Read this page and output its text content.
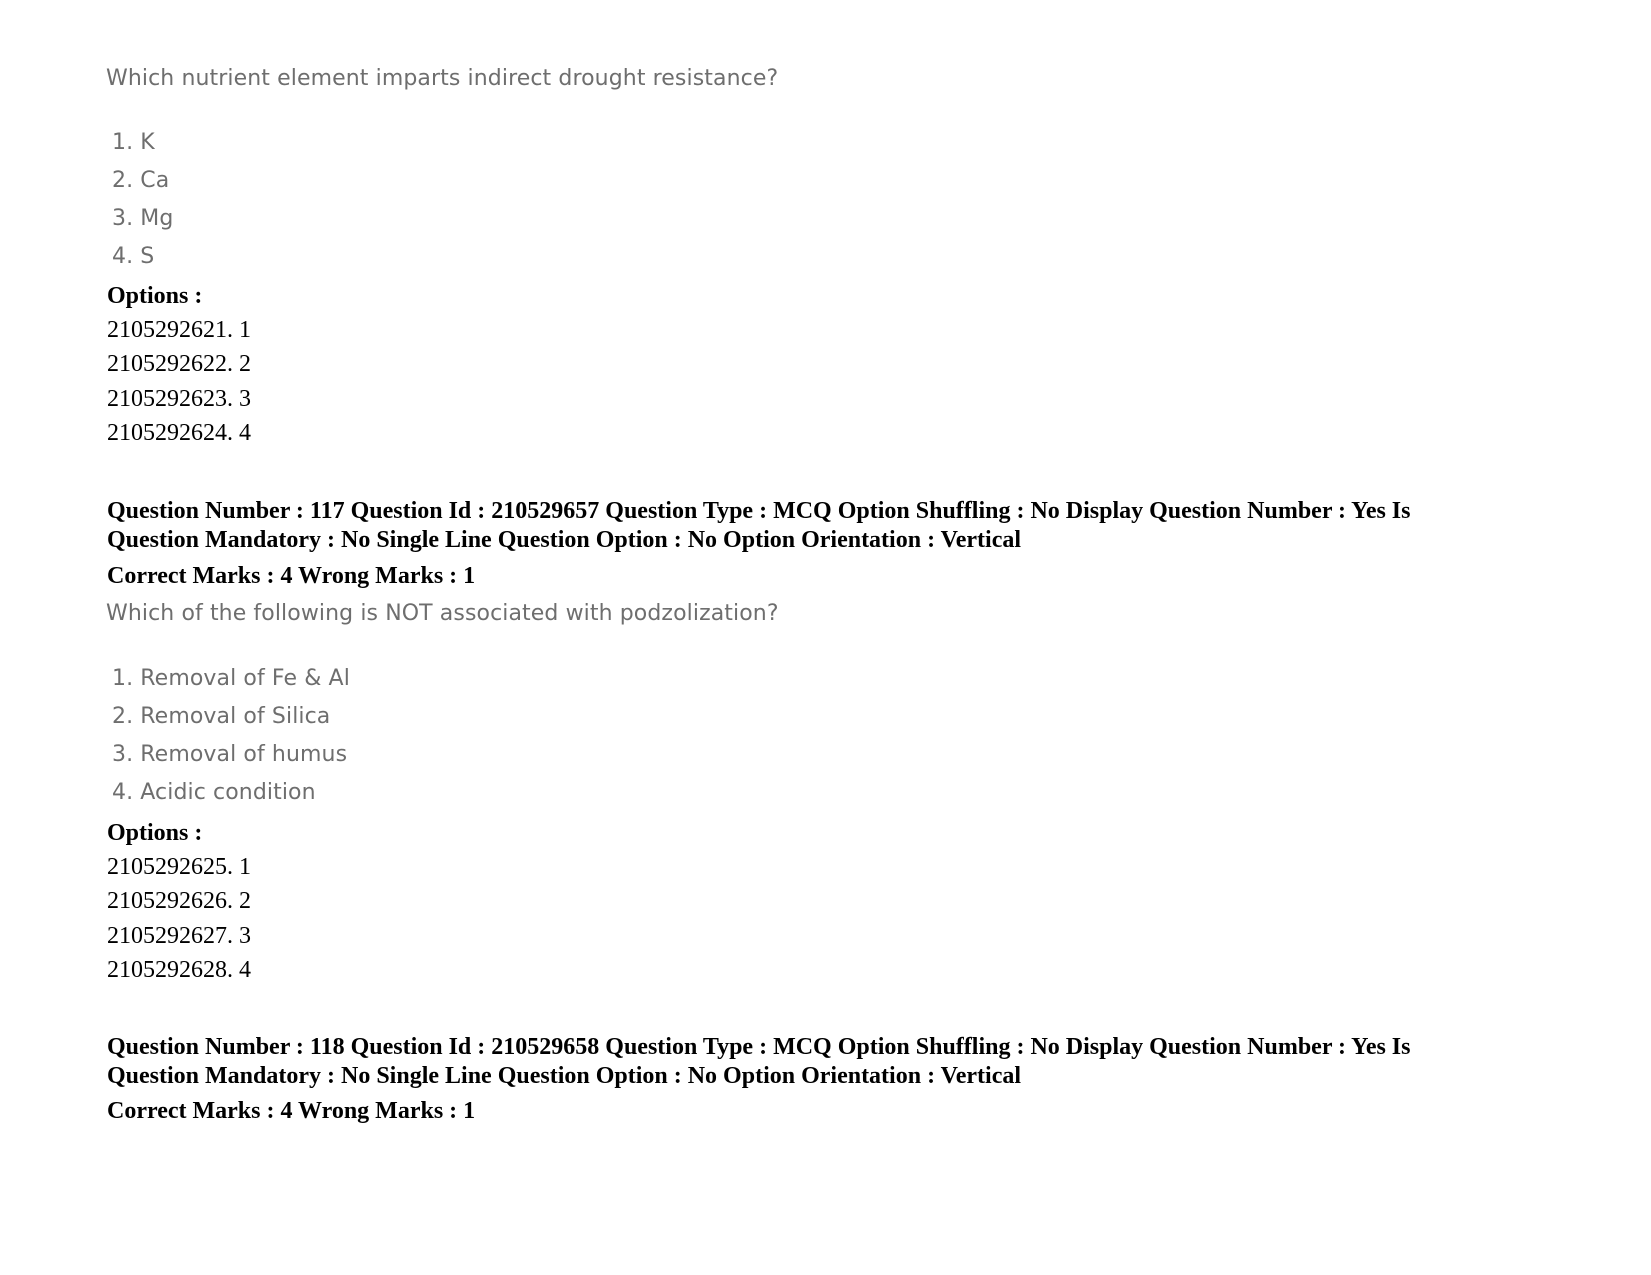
Which nutrient element imparts indirect drought resistance?
1. K
2. Ca
3. Mg
4. S
Options :
2105292621. 1
2105292622. 2
2105292623. 3
2105292624. 4
Question Number : 117 Question Id : 210529657 Question Type : MCQ Option Shuffling : No Display Question Number : Yes Is
Question Mandatory : No Single Line Question Option : No Option Orientation : Vertical
Correct Marks : 4 Wrong Marks : 1
Which of the following is NOT associated with podzolization?
1. Removal of Fe & Al
2. Removal of Silica
3. Removal of humus
4. Acidic condition
Options :
2105292625. 1
2105292626. 2
2105292627. 3
2105292628. 4
Question Number : 118 Question Id : 210529658 Question Type : MCQ Option Shuffling : No Display Question Number : Yes Is
Question Mandatory : No Single Line Question Option : No Option Orientation : Vertical
Correct Marks : 4 Wrong Marks : 1
